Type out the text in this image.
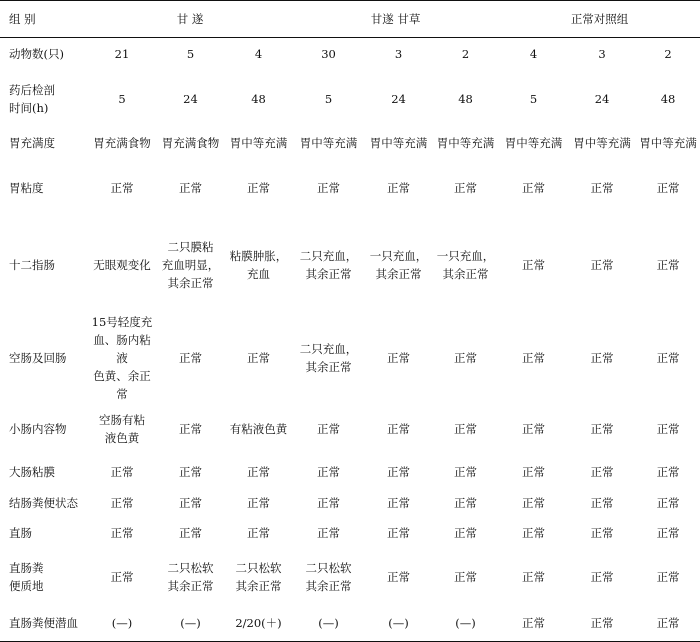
组 别	甘 遂			甘遂 甘草			正常对照组		
动物数(只)	21	5	4	30	3	2	4	3	2
药后检剖
时间(h)	5	24	48	5	24	48	5	24	48
胃充满度	胃充满食物	胃充满食物	胃中等充满	胃中等充满	胃中等充满	胃中等充满	胃中等充满	胃中等充满	胃中等充满
胃粘度	正常	正常	正常	正常	正常	正常	正常	正常	正常
十二指肠	无眼观变化	二只膜粘
充血明显，
其余正常	粘膜肿胀，
充血	二只充血，
其余正常	一只充血，
其余正常	一只充血，
其余正常	正常	正常	正常
空肠及回肠	15号轻度充
血、肠内粘液
色黄、余正常	正常	正常	二只充血，
其余正常	正常	正常	正常	正常	正常
小肠内容物	空肠有粘
液色黄	正常	有粘液色黄	正常	正常	正常	正常	正常	正常
大肠粘膜	正常	正常	正常	正常	正常	正常	正常	正常	正常
结肠粪便状态	正常	正常	正常	正常	正常	正常	正常	正常	正常
直肠	正常	正常	正常	正常	正常	正常	正常	正常	正常
直肠粪
便质地	正常	二只松软
其余正常	二只松软
其余正常	二只松软
其余正常	正常	正常	正常	正常	正常
直肠粪便潜血	(—)	(—)	2/20(＋)	(—)	(—)	(—)	正常	正常	正常
